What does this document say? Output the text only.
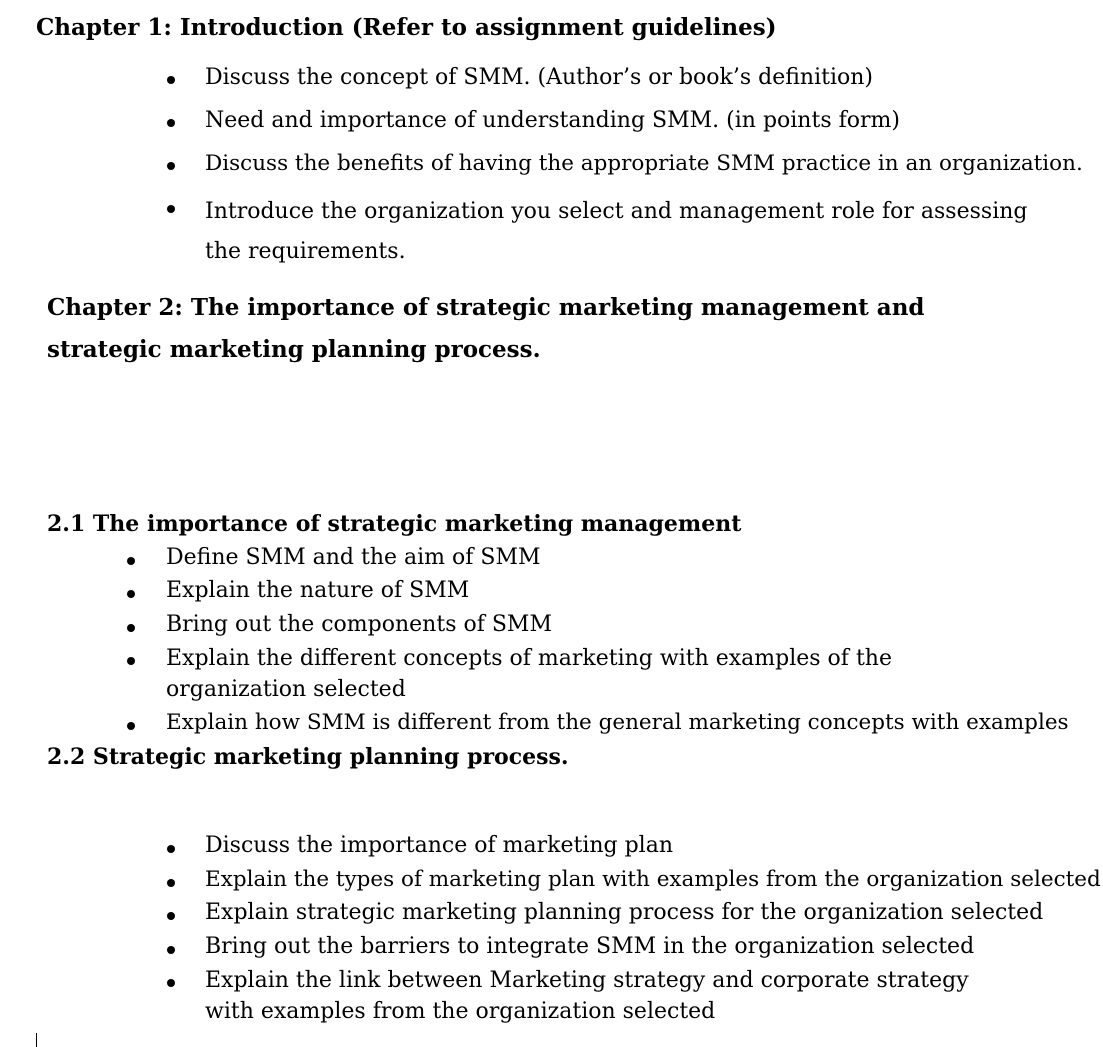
Chapter 1: Introduction (Refer to assignment guidelines)
Discuss the concept of SMM. (Author’s or book’s definition)
Need and importance of understanding SMM. (in points form)
Discuss the benefits of having the appropriate SMM practice in an organization.
Introduce the organization you select and management role for assessing the requirements.
Chapter 2: The importance of strategic marketing management and strategic marketing planning process.
2.1 The importance of strategic marketing management
Define SMM and the aim of SMM
Explain the nature of SMM
Bring out the components of SMM
Explain the different concepts of marketing with examples of the organization selected
Explain how SMM is different from the general marketing concepts with examples
2.2 Strategic marketing planning process.
Discuss the importance of marketing plan
Explain the types of marketing plan with examples from the organization selected
Explain strategic marketing planning process for the organization selected
Bring out the barriers to integrate SMM in the organization selected
Explain the link between Marketing strategy and corporate strategy with examples from the organization selected
